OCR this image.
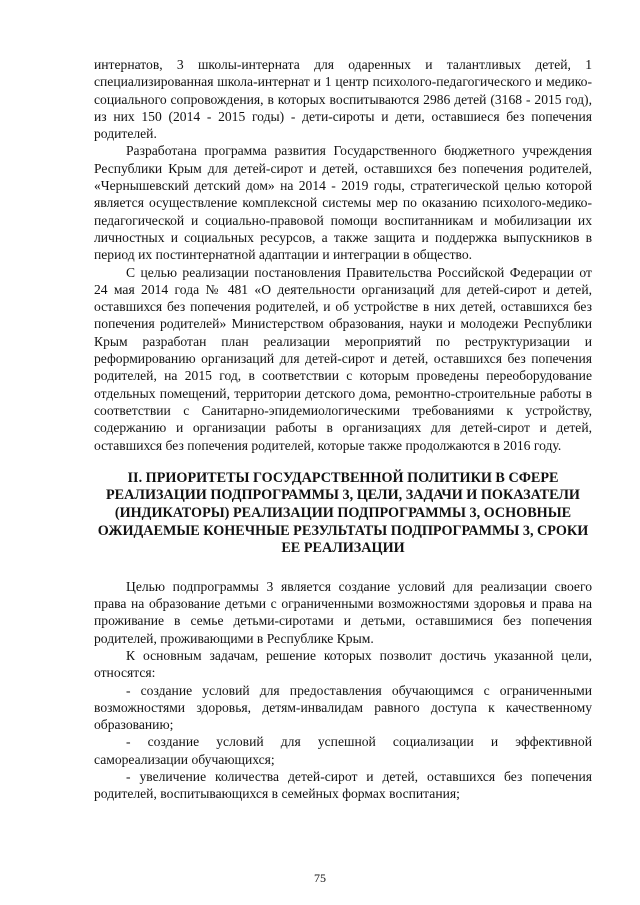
интернатов, 3 школы-интерната для одаренных и талантливых детей, 1 специализированная школа-интернат и 1 центр психолого-педагогического и медико-социального сопровождения, в которых воспитываются 2986 детей (3168 - 2015 год), из них 150 (2014 - 2015 годы) - дети-сироты и дети, оставшиеся без попечения родителей.

Разработана программа развития Государственного бюджетного учреждения Республики Крым для детей-сирот и детей, оставшихся без попечения родителей, «Чернышевский детский дом» на 2014 - 2019 годы, стратегической целью которой является осуществление комплексной системы мер по оказанию психолого-медико-педагогической и социально-правовой помощи воспитанникам и мобилизации их личностных и социальных ресурсов, а также защита и поддержка выпускников в период их постинтернатной адаптации и интеграции в общество.

С целью реализации постановления Правительства Российской Федерации от 24 мая 2014 года № 481 «О деятельности организаций для детей-сирот и детей, оставшихся без попечения родителей, и об устройстве в них детей, оставшихся без попечения родителей» Министерством образования, науки и молодежи Республики Крым разработан план реализации мероприятий по реструктуризации и реформированию организаций для детей-сирот и детей, оставшихся без попечения родителей, на 2015 год, в соответствии с которым проведены переоборудование отдельных помещений, территории детского дома, ремонтно-строительные работы в соответствии с Санитарно-эпидемиологическими требованиями к устройству, содержанию и организации работы в организациях для детей-сирот и детей, оставшихся без попечения родителей, которые также продолжаются в 2016 году.

II. ПРИОРИТЕТЫ ГОСУДАРСТВЕННОЙ ПОЛИТИКИ В СФЕРЕ РЕАЛИЗАЦИИ ПОДПРОГРАММЫ 3, ЦЕЛИ, ЗАДАЧИ И ПОКАЗАТЕЛИ (ИНДИКАТОРЫ) РЕАЛИЗАЦИИ ПОДПРОГРАММЫ 3, ОСНОВНЫЕ ОЖИДАЕМЫЕ КОНЕЧНЫЕ РЕЗУЛЬТАТЫ ПОДПРОГРАММЫ 3, СРОКИ ЕЕ РЕАЛИЗАЦИИ

Целью подпрограммы 3 является создание условий для реализации своего права на образование детьми с ограниченными возможностями здоровья и права на проживание в семье детьми-сиротами и детьми, оставшимися без попечения родителей, проживающими в Республике Крым.

К основным задачам, решение которых позволит достичь указанной цели, относятся:

- создание условий для предоставления обучающимся с ограниченными возможностями здоровья, детям-инвалидам равного доступа к качественному образованию;

- создание условий для успешной социализации и эффективной самореализации обучающихся;

- увеличение количества детей-сирот и детей, оставшихся без попечения родителей, воспитывающихся в семейных формах воспитания;

75
